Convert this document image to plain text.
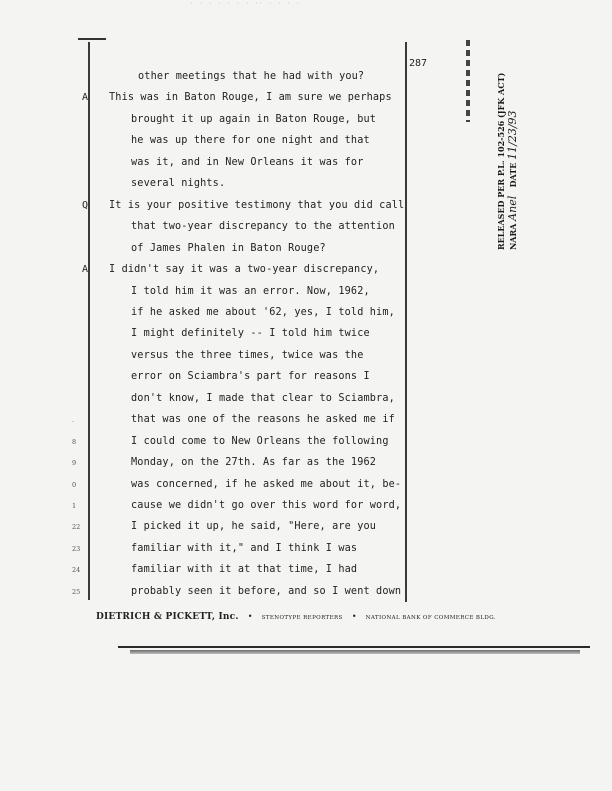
· · · · · · · ·· · · · ·
287
other meetings that he had with you?
This was in Baton Rouge, I am sure we perhaps
A
brought it up again in Baton Rouge, but
he was up there for one night and that
was it, and in New Orleans it was for
several nights.
It is your positive testimony that you did call
Q
that two-year discrepancy to the attention
of James Phalen in Baton Rouge?
I didn't say it was a two-year discrepancy,
A
I told him it was an error. Now, 1962,
if he asked me about '62, yes, I told him,
I might definitely -- I told him twice
versus the three times, twice was the
error on Sciambra's part for reasons I
don't know, I made that clear to Sciambra,
that was one of the reasons he asked me if
.
I could come to New Orleans the following
8
Monday, on the 27th. As far as the 1962
9
was concerned, if he asked me about it, be-
0
cause we didn't go over this word for word,
1
I picked it up, he said, "Here, are you
22
familiar with it," and I think I was
23
familiar with it at that time, I had
24
probably seen it before, and so I went down
25
DIETRICH & PICKETT, Inc. • STENOTYPE REPORTERS • NATIONAL BANK OF COMMERCE BLDG.
RELEASED PER P.L. 102-526 (JFK ACT) NARA Anel   DATE 11/23/93
